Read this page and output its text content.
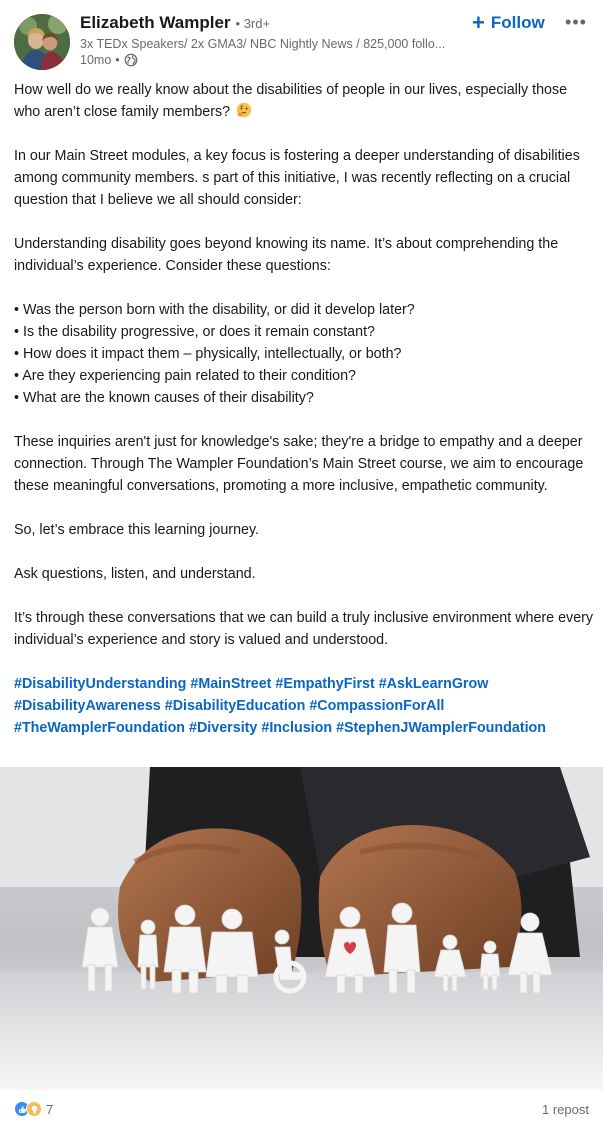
Elizabeth Wampler • 3rd+
3x TEDx Speakers/ 2x GMA3/ NBC Nightly News / 825,000 follo...
10mo •
+ Follow •••

How well do we really know about the disabilities of people in our lives, especially those who aren’t close family members?

In our Main Street modules, a key focus is fostering a deeper understanding of disabilities among community members. s part of this initiative, I was recently reflecting on a crucial question that I believe we all should consider:

Understanding disability goes beyond knowing its name. It’s about comprehending the individual’s experience. Consider these questions:

• Was the person born with the disability, or did it develop later?

• Is the disability progressive, or does it remain constant?

• How does it impact them – physically, intellectually, or both?

• Are they experiencing pain related to their condition?

• What are the known causes of their disability?

These inquiries aren't just for knowledge's sake; they're a bridge to empathy and a deeper connection. Through The Wampler Foundation’s Main Street course, we aim to encourage these meaningful conversations, promoting a more inclusive, empathetic community.

So, let’s embrace this learning journey.

Ask questions, listen, and understand.

It’s through these conversations that we can build a truly inclusive environment where every individual’s experience and story is valued and understood.

#DisabilityUnderstanding #MainStreet #EmpathyFirst #AskLearnGrow

#DisabilityAwareness #DisabilityEducation #CompassionForAll

#TheWamplerFoundation #Diversity #Inclusion #StephenJWamplerFoundation

7	1 repost
